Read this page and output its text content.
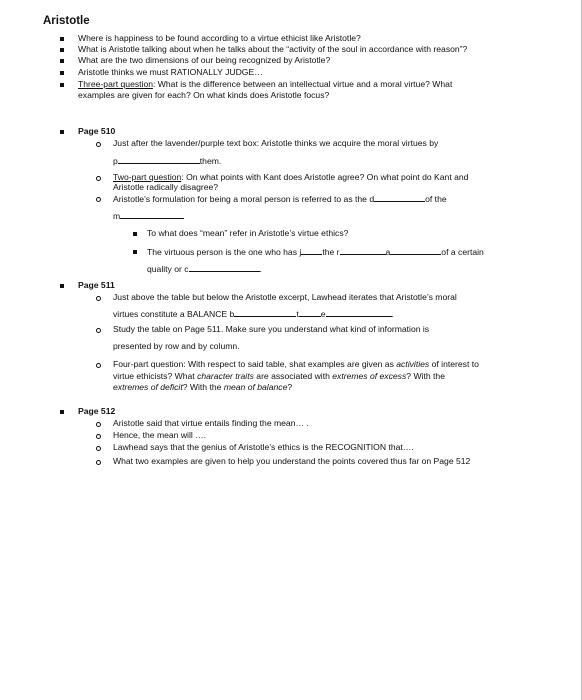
Aristotle
Where is happiness to be found according to a virtue ethicist like Aristotle?
What is Aristotle talking about when he talks about the “activity of the soul in accordance with reason”?
What are the two dimensions of our being recognized by Aristotle?
Aristotle thinks we must RATIONALLY JUDGE…
Three-part question: What is the difference between an intellectual virtue and a moral virtue? What
examples are given for each? On what kinds does Aristotle focus?
Page 510
Just after the lavender/purple text box: Aristotle thinks we acquire the moral virtues by
p	them.
Two-part question: On what points with Kant does Aristotle agree? On what point do Kant and
Aristotle radically disagree?
Aristotle’s formulation for being a moral person is referred to as the d	of the
m
To what does “mean” refer in Aristotle’s virtue ethics?
The virtuous person is the one who has j the r	a	of a certain
quality or c	.
Page 511
Just above the table but below the Aristotle excerpt, Lawhead iterates that Aristotle’s moral
virtues constitute a BALANCE b	t	e	.
Study the table on Page 511. Make sure you understand what kind of information is
presented by row and by column.
Four-part question: With respect to said table, shat examples are given as activities of interest to
virtue ethicists? What character traits are associated with extremes of excess? With the
extremes of deficit? With the mean of balance?
Page 512
Aristotle said that virtue entails finding the mean… .
Hence, the mean will ….
Lawhead says that the genius of Aristotle’s ethics is the RECOGNITION that….
What two examples are given to help you understand the points covered thus far on Page 512
